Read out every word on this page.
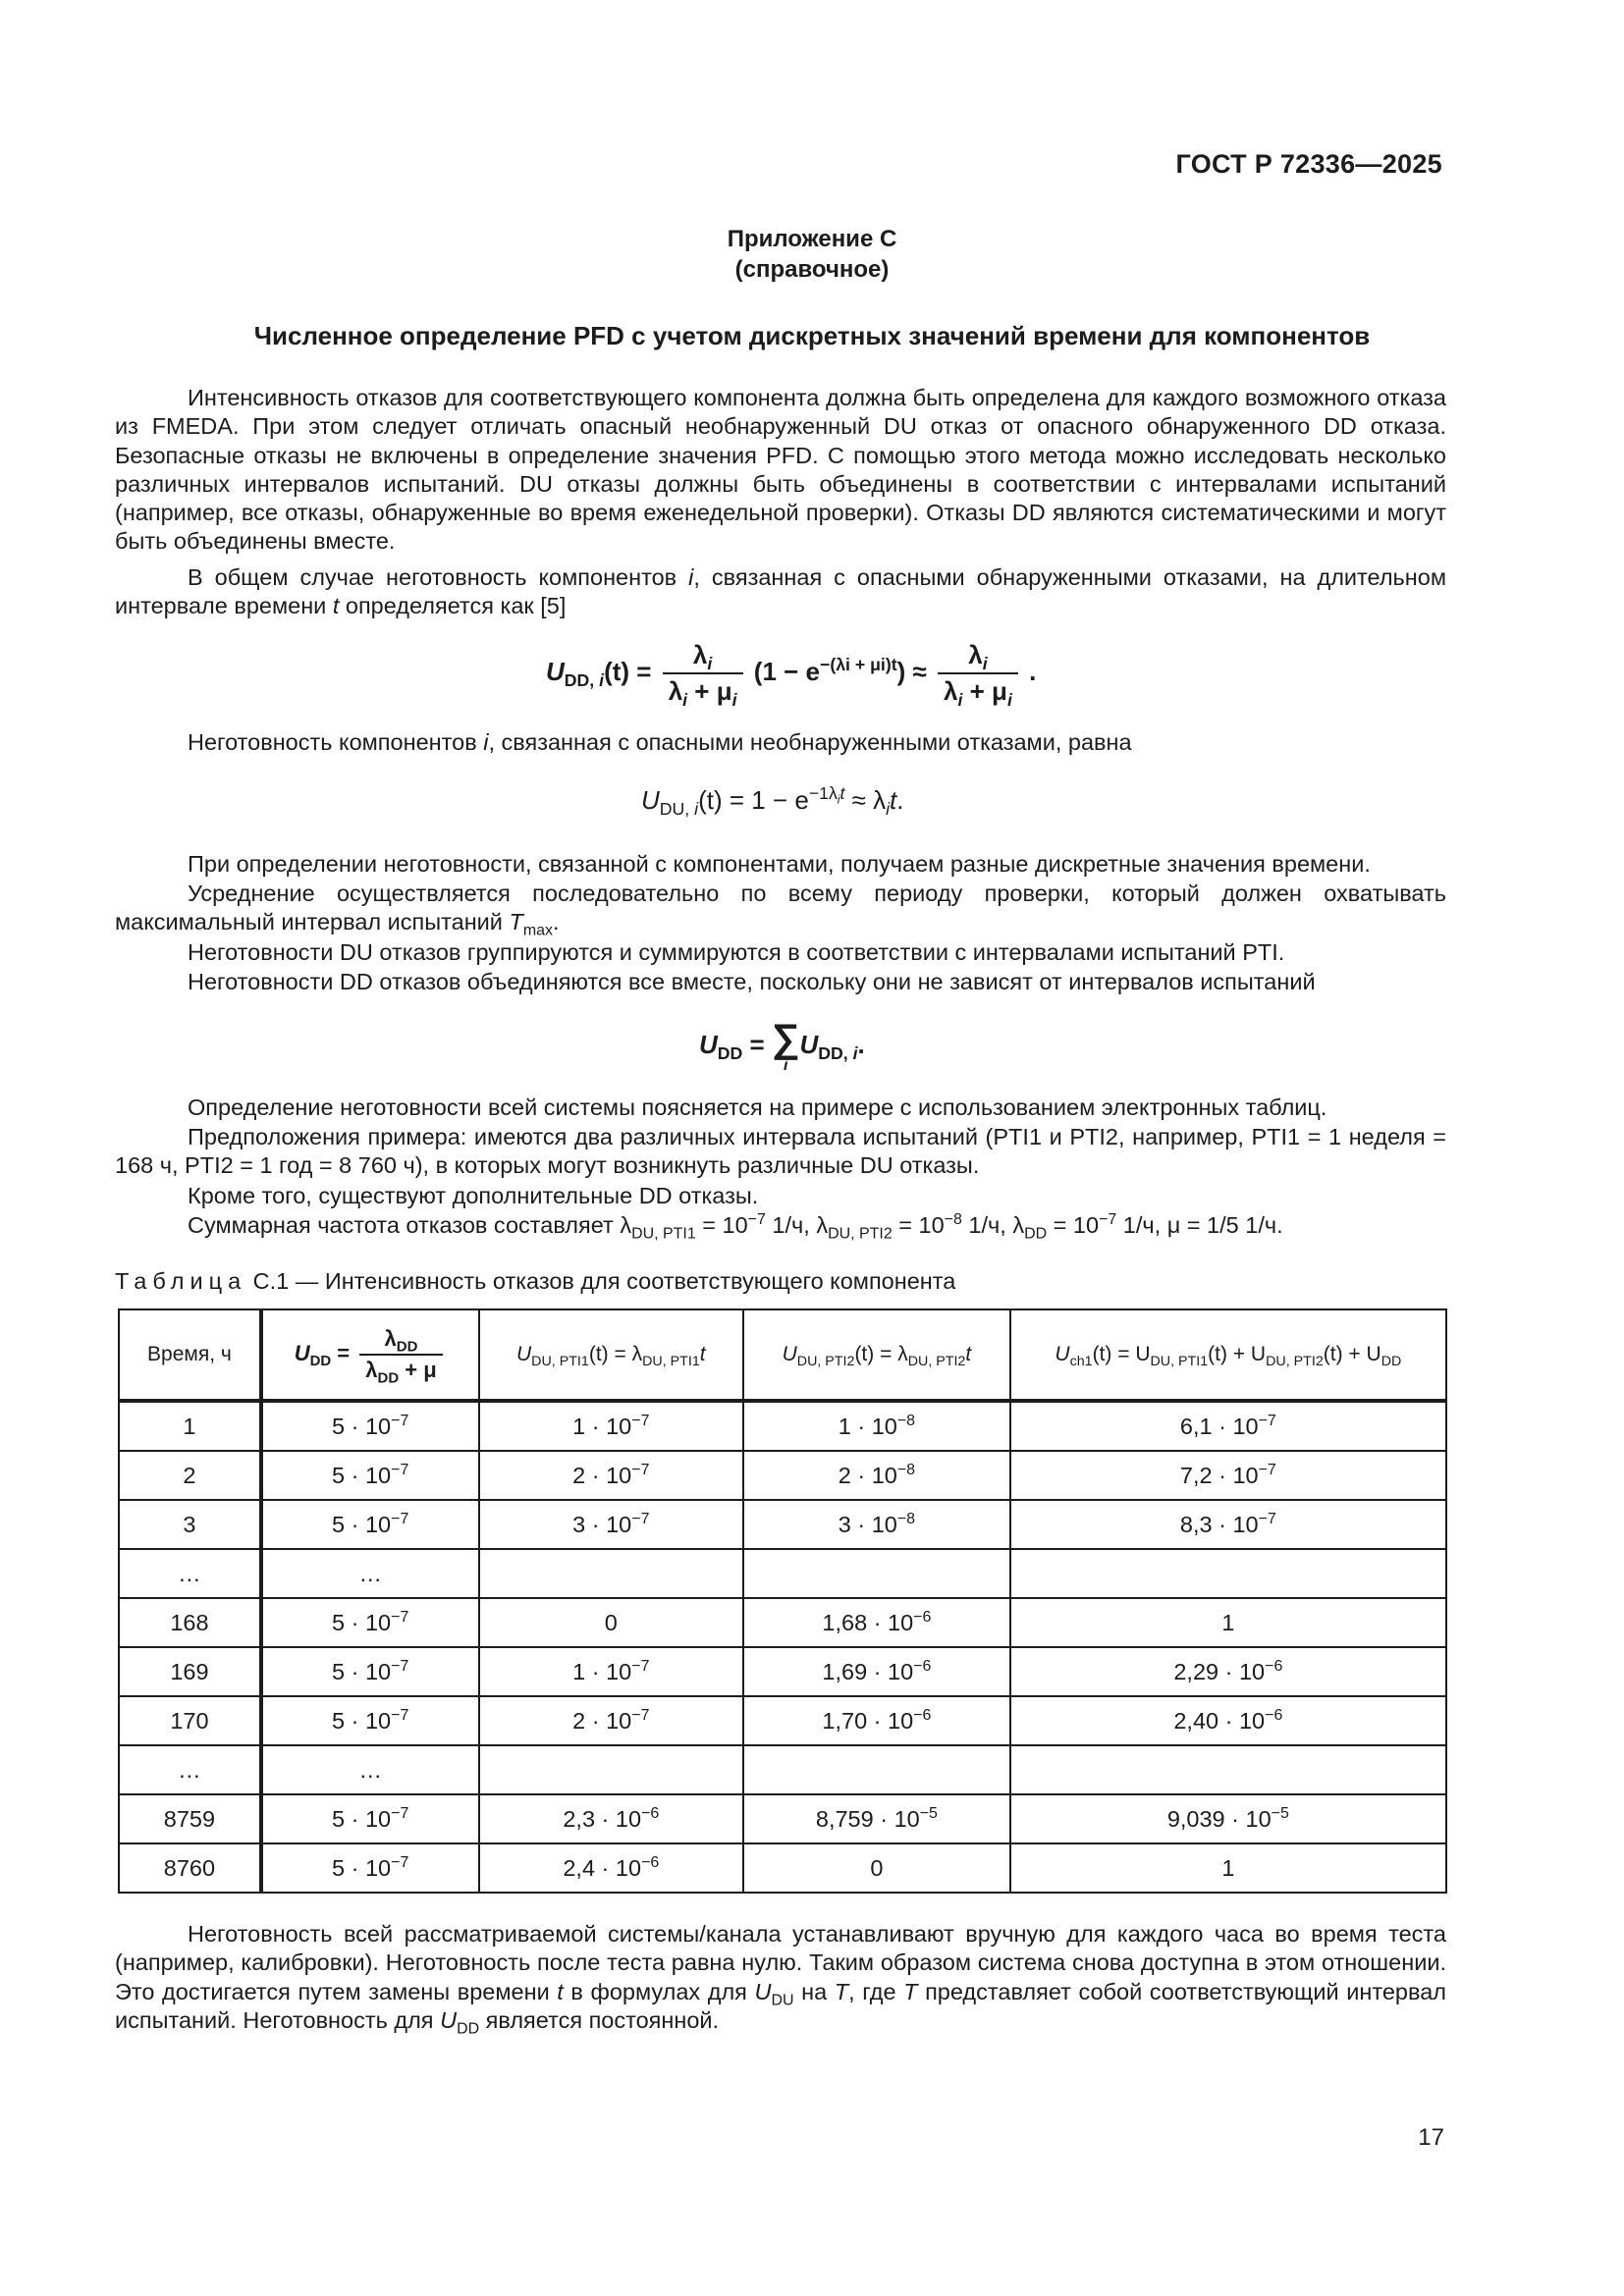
ГОСТ Р 72336—2025
Приложение С
(справочное)
Численное определение PFD с учетом дискретных значений времени для компонентов
Интенсивность отказов для соответствующего компонента должна быть определена для каждого возможного отказа из FMEDA. При этом следует отличать опасный необнаруженный DU отказ от опасного обнаруженного DD отказа. Безопасные отказы не включены в определение значения PFD. С помощью этого метода можно исследовать несколько различных интервалов испытаний. DU отказы должны быть объединены в соответствии с интервалами испытаний (например, все отказы, обнаруженные во время еженедельной проверки). Отказы DD являются систематическими и могут быть объединены вместе.
В общем случае неготовность компонентов i, связанная с опасными обнаруженными отказами, на длительном интервале времени t определяется как [5]
$U_{DD, i}(t) = \frac{\lambda_i}{\lambda_i + \mu_i} (1 - e^{-(\lambda i + \mu i)t}) \approx \frac{\lambda_i}{\lambda_i + \mu_i}$ .
Неготовность компонентов i, связанная с опасными необнаруженными отказами, равна
$U_{DU, i}(t) = 1 - e^{-1\lambda_it} \approx \lambda_it$.
При определении неготовности, связанной с компонентами, получаем разные дискретные значения времени.
Усреднение осуществляется последовательно по всему периоду проверки, который должен охватывать максимальный интервал испытаний $T_{max}$.
Неготовности DU отказов группируются и суммируются в соответствии с интервалами испытаний PTI.
Неготовности DD отказов объединяются все вместе, поскольку они не зависят от интервалов испытаний
$U_{DD}$ = ∑
i
$U_{DD, i}$.
Определение неготовности всей системы поясняется на примере с использованием электронных таблиц.
Предположения примера: имеются два различных интервала испытаний (PTI1 и PTI2, например, PTI1 = 1 неделя = 168 ч, PTI2 = 1 год = 8 760 ч), в которых могут возникнуть различные DU отказы.
Кроме того, существуют дополнительные DD отказы.
Суммарная частота отказов составляет $\lambda_{DU, PTI1} = 10^{-7}$ 1/ч, $\lambda_{DU, PTI2} = 10^{-8}$ 1/ч, $\lambda_{DD} = 10^{-7}$ 1/ч, μ = 1/5 1/ч.
Таблица С.1 — Интенсивность отказов для соответствующего компонента
Время, ч	$U_{DD} = \frac{\lambda_{DD}}{\lambda_{DD} + \mu}$	$U_{DU, PTI1}(t) = \lambda_{DU, PTI1}t$	$U_{DU, PTI2}(t) = \lambda_{DU, PTI2}t$	$U_{ch1}(t) = U_{DU, PTI1}(t) + U_{DU, PTI2}(t) + U_{DD}$
1	$5 \cdot 10^{-7}$	$1 \cdot 10^{-7}$	$1 \cdot 10^{-8}$	$6,1 \cdot 10^{-7}$
2	$5 \cdot 10^{-7}$	$2 \cdot 10^{-7}$	$2 \cdot 10^{-8}$	$7,2 \cdot 10^{-7}$
3	$5 \cdot 10^{-7}$	$3 \cdot 10^{-7}$	$3 \cdot 10^{-8}$	$8,3 \cdot 10^{-7}$
…	…			
168	$5 \cdot 10^{-7}$	0	$1,68 \cdot 10^{-6}$	1
169	$5 \cdot 10^{-7}$	$1 \cdot 10^{-7}$	$1,69 \cdot 10^{-6}$	$2,29 \cdot 10^{-6}$
170	$5 \cdot 10^{-7}$	$2 \cdot 10^{-7}$	$1,70 \cdot 10^{-6}$	$2,40 \cdot 10^{-6}$
…	…			
8759	$5 \cdot 10^{-7}$	$2,3 \cdot 10^{-6}$	$8,759 \cdot 10^{-5}$	$9,039 \cdot 10^{-5}$
8760	$5 \cdot 10^{-7}$	$2,4 \cdot 10^{-6}$	0	1
Неготовность всей рассматриваемой системы/канала устанавливают вручную для каждого часа во время теста (например, калибровки). Неготовность после теста равна нулю. Таким образом система снова доступна в этом отношении. Это достигается путем замены времени t в формулах для $U_{DU}$ на T, где T представляет собой соответствующий интервал испытаний. Неготовность для $U_{DD}$ является постоянной.
17
